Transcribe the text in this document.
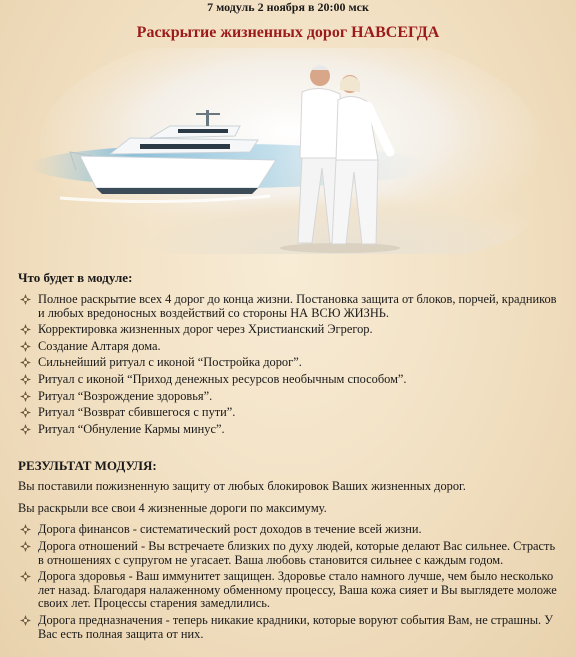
7 модуль 2 ноября в 20:00 мск

Раскрытие жизненных дорог НАВСЕГДА

Что будет в модуле:
Полное раскрытие всех 4 дорог до конца жизни. Постановка защита от блоков, порчей, крадников и любых вредоносных воздействий со стороны НА ВСЮ ЖИЗНЬ.
Корректировка жизненных дорог через Христианский Эгрегор.
Создание Алтаря дома.
Сильнейший ритуал с иконой “Постройка дорог”.
Ритуал с иконой “Приход денежных ресурсов необычным способом”.
Ритуал “Возрождение здоровья”.
Ритуал “Возврат сбившегося с пути”.
Ритуал “Обнуление Кармы минус”.
РЕЗУЛЬТАТ МОДУЛЯ:

Вы поставили пожизненную защиту от любых блокировок Ваших жизненных дорог.

Вы раскрыли все свои 4 жизненные дороги по максимуму.

Дорога финансов - систематический рост доходов в течение всей жизни.
Дорога отношений - Вы встречаете близких по духу людей, которые делают Вас сильнее. Страсть в отношениях с супругом не угасает. Ваша любовь становится сильнее с каждым годом.
Дорога здоровья - Ваш иммунитет защищен. Здоровье стало намного лучше, чем было несколько лет назад. Благодаря налаженному обменному процессу, Ваша кожа сияет и Вы выглядете моложе своих лет. Процессы старения замедлились.
Дорога предназначения - теперь никакие крадники, которые воруют события Вам, не страшны. У Вас есть полная защита от них.
